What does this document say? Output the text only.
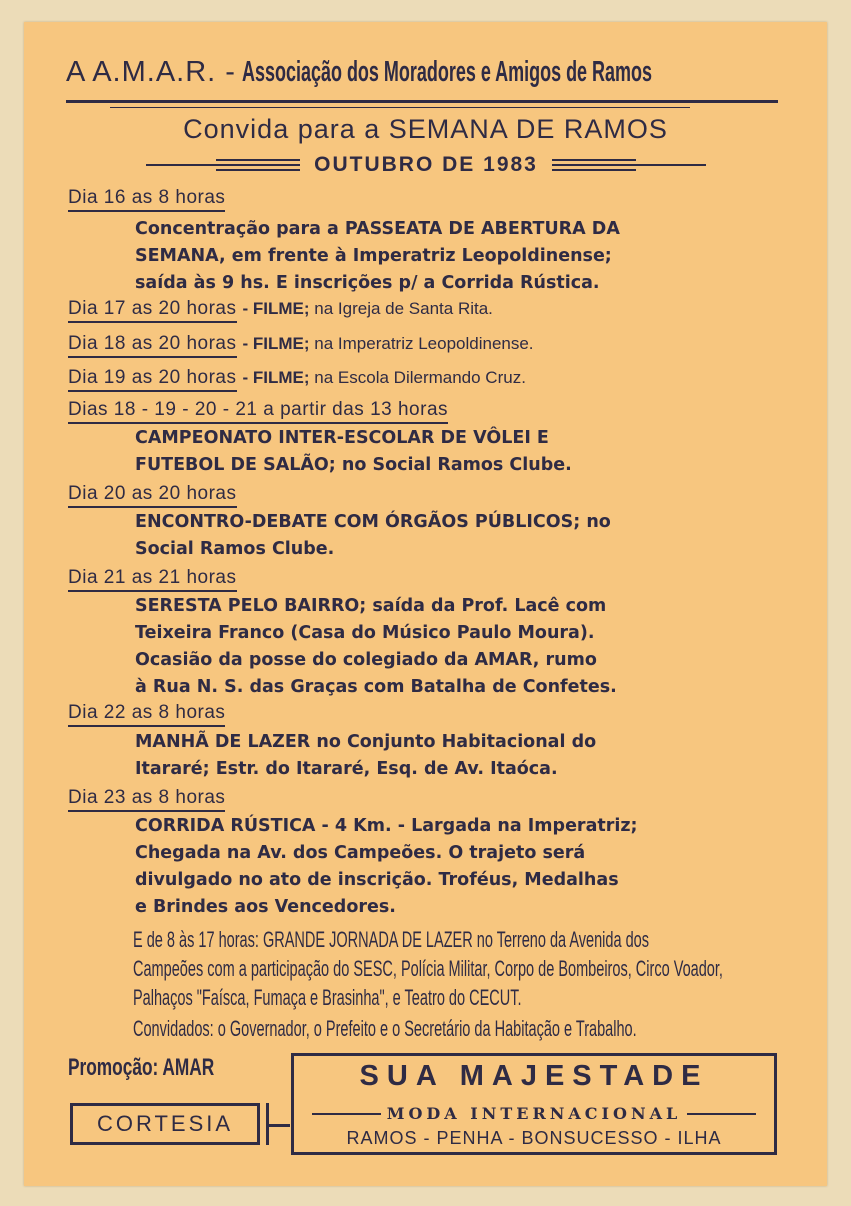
A A.M.A.R. - Associação dos Moradores e Amigos de Ramos
Convida para a SEMANA DE RAMOS
OUTUBRO DE 1983
Dia 16 as 8 horas

Concentração para a PASSEATA DE ABERTURA DA

SEMANA, em frente à Imperatriz Leopoldinense;

saída às 9 hs. E inscrições p/ a Corrida Rústica.

Dia 17 as 20 horas - FILME; na Igreja de Santa Rita.
Dia 18 as 20 horas - FILME; na Imperatriz Leopoldinense.
Dia 19 as 20 horas - FILME; na Escola Dilermando Cruz.
Dias 18 - 19 - 20 - 21 a partir das 13 horas

CAMPEONATO INTER-ESCOLAR DE VÔLEI E

FUTEBOL DE SALÃO; no Social Ramos Clube.

Dia 20 as 20 horas

ENCONTRO-DEBATE COM ÓRGÃOS PÚBLICOS; no

Social Ramos Clube.

Dia 21 as 21 horas

SERESTA PELO BAIRRO; saída da Prof. Lacê com

Teixeira Franco (Casa do Músico Paulo Moura).

Ocasião da posse do colegiado da AMAR, rumo

à Rua N. S. das Graças com Batalha de Confetes.

Dia 22 as 8 horas

MANHÃ DE LAZER no Conjunto Habitacional do

Itararé; Estr. do Itararé, Esq. de Av. Itaóca.

Dia 23 as 8 horas

CORRIDA RÚSTICA - 4 Km. - Largada na Imperatriz;

Chegada na Av. dos Campeões. O trajeto será

divulgado no ato de inscrição. Troféus, Medalhas

e Brindes aos Vencedores.

E de 8 às 17 horas: GRANDE JORNADA DE LAZER no Terreno da Avenida dos
Campeões com a participação do SESC, Polícia Militar, Corpo de Bombeiros, Circo Voador,
Palhaços "Faísca, Fumaça e Brasinha", e Teatro do CECUT.
Convidados: o Governador, o Prefeito e o Secretário da Habitação e Trabalho.
Promoção: AMAR
CORTESIA
SUA MAJESTADE
MODA INTERNACIONAL
RAMOS - PENHA - BONSUCESSO - ILHA
